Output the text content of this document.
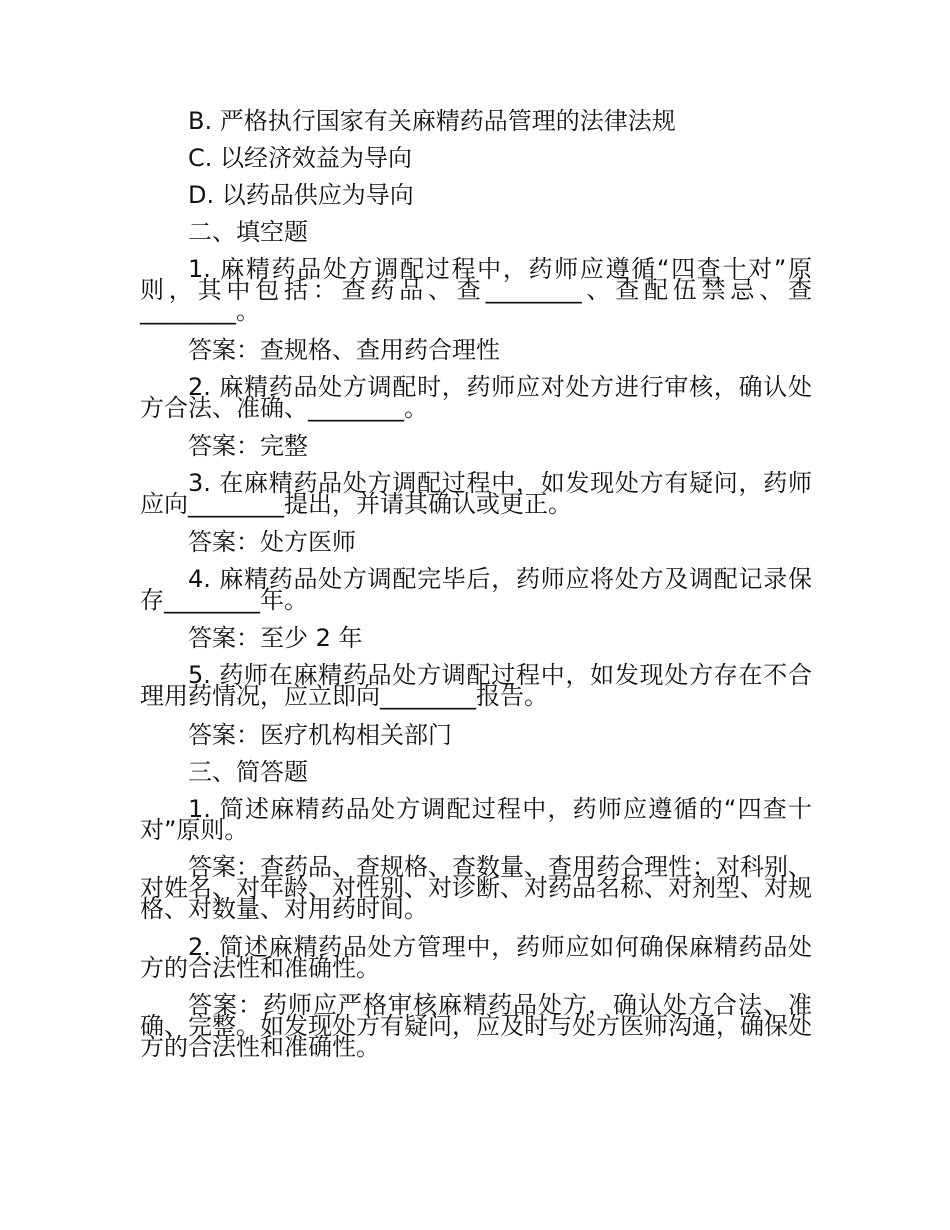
B. 严格执行国家有关麻精药品管理的法律法规
C. 以经济效益为导向
D. 以药品供应为导向
二、填空题
1. 麻精药品处方调配过程中，药师应遵循“四查十对”原则，其中包括：查药品、查________、查配伍禁忌、查________。
答案：查规格、查用药合理性
2. 麻精药品处方调配时，药师应对处方进行审核，确认处方合法、准确、________。
答案：完整
3. 在麻精药品处方调配过程中，如发现处方有疑问，药师应向________提出，并请其确认或更正。
答案：处方医师
4. 麻精药品处方调配完毕后，药师应将处方及调配记录保存________年。
答案：至少 2 年
5. 药师在麻精药品处方调配过程中，如发现处方存在不合理用药情况，应立即向________报告。
答案：医疗机构相关部门
三、简答题
1. 简述麻精药品处方调配过程中，药师应遵循的“四查十对”原则。
答案：查药品、查规格、查数量、查用药合理性；对科别、对姓名、对年龄、对性别、对诊断、对药品名称、对剂型、对规格、对数量、对用药时间。
2. 简述麻精药品处方管理中，药师应如何确保麻精药品处方的合法性和准确性。
答案：药师应严格审核麻精药品处方，确认处方合法、准确、完整。如发现处方有疑问，应及时与处方医师沟通，确保处方的合法性和准确性。
